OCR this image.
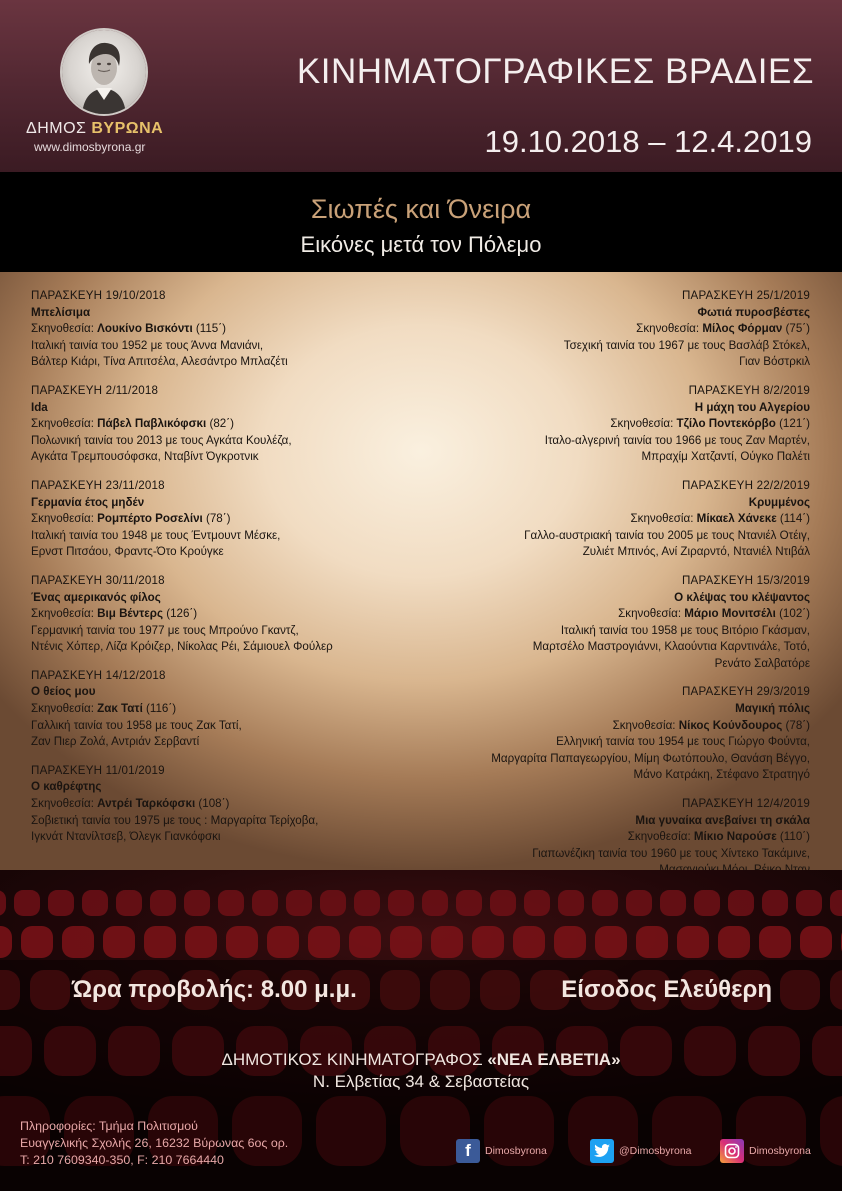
ΔΗΜΟΣ ΒΥΡΩΝΑ
www.dimosbyrona.gr
ΚΙΝΗΜΑΤΟΓΡΑΦΙΚΕΣ ΒΡΑΔΙΕΣ
19.10.2018 – 12.4.2019
Σιωπές και Όνειρα
Εικόνες μετά τον Πόλεμο
ΠΑΡΑΣΚΕΥΗ 19/10/2018
Μπελίσιμα
Σκηνοθεσία: Λουκίνο Βισκόντι (115΄)
Ιταλική ταινία του 1952 με τους Άννα Μανιάνι,
Βάλτερ Κιάρι, Τίνα Απιτσέλα, Αλεσάντρο Μπλαζέτι
ΠΑΡΑΣΚΕΥΗ 2/11/2018
Ida
Σκηνοθεσία: Πάβελ Παβλικόφσκι (82΄)
Πολωνική ταινία του 2013 με τους Αγκάτα Κουλέζα,
Αγκάτα Τρεμπουσόφσκα, Νταβίντ Όγκροτνικ
ΠΑΡΑΣΚΕΥΗ 23/11/2018
Γερμανία έτος μηδέν
Σκηνοθεσία: Ρομπέρτο Ροσελίνι (78΄)
Ιταλική ταινία του 1948 με τους Έντμουντ Μέσκε,
Ερνστ Πιτσάου, Φραντς-Ότο Κρούγκε
ΠΑΡΑΣΚΕΥΗ 30/11/2018
Ένας αμερικανός φίλος
Σκηνοθεσία: Βιμ Βέντερς (126΄)
Γερμανική ταινία του 1977 με τους Μπρούνο Γκαντζ,
Ντένις Χόπερ, Λίζα Κρόιζερ, Νίκολας Ρέι, Σάμιουελ Φούλερ
ΠΑΡΑΣΚΕΥΗ 14/12/2018
Ο θείος μου
Σκηνοθεσία: Ζακ Τατί (116΄)
Γαλλική ταινία του 1958 με τους Ζακ Τατί,
Ζαν Πιερ Ζολά, Αντριάν Σερβαντί
ΠΑΡΑΣΚΕΥΗ 11/01/2019
Ο καθρέφτης
Σκηνοθεσία: Αντρέι Ταρκόφσκι (108΄)
Σοβιετική ταινία του 1975 με τους : Μαργαρίτα Τερίχοβα,
Ιγκνάτ Ντανίλτσεβ, Όλεγκ Γιανκόφσκι
ΠΑΡΑΣΚΕΥΗ 25/1/2019
Φωτιά πυροσβέστες
Σκηνοθεσία: Μίλος Φόρμαν (75΄)
Τσεχική ταινία του 1967 με τους Βασλάβ Στόκελ,
Γιαν Βόστρκιλ
ΠΑΡΑΣΚΕΥΗ 8/2/2019
Η μάχη του Αλγερίου
Σκηνοθεσία: Τζίλο Ποντεκόρβο (121΄)
Ιταλο-αλγερινή ταινία του 1966 με τους Ζαν Μαρτέν,
Μπραχίμ Χατζαντί, Ούγκο Παλέτι
ΠΑΡΑΣΚΕΥΗ 22/2/2019
Κρυμμένος
Σκηνοθεσία: Μίκαελ Χάνεκε (114΄)
Γαλλο-αυστριακή ταινία του 2005 με τους Ντανιέλ Οτέιγ,
Ζυλιέτ Μπινός, Ανί Ζιραρντό, Ντανιέλ Ντιβάλ
ΠΑΡΑΣΚΕΥΗ 15/3/2019
Ο κλέψας του κλέψαντος
Σκηνοθεσία: Μάριο Μονιτσέλι (102΄)
Ιταλική ταινία του 1958 με τους Βιτόριο Γκάσμαν,
Μαρτσέλο Μαστρογιάννι, Κλαούντια Καρντινάλε, Τοτό,
Ρενάτο Σαλβατόρε
ΠΑΡΑΣΚΕΥΗ 29/3/2019
Μαγική πόλις
Σκηνοθεσία: Νίκος Κούνδουρος (78΄)
Ελληνική ταινία του 1954 με τους Γιώργο Φούντα,
Μαργαρίτα Παπαγεωργίου, Μίμη Φωτόπουλο, Θανάση Βέγγο,
Μάνο Κατράκη, Στέφανο Στρατηγό
ΠΑΡΑΣΚΕΥΗ 12/4/2019
Μια γυναίκα ανεβαίνει τη σκάλα
Σκηνοθεσία: Μίκιο Ναρούσε (110΄)
Γιαπωνέζικη ταινία του 1960 με τους Χίντεκο Τακάμινε,
Ώρα προβολής: 8.00 μ.μ.	Είσοδος Ελεύθερη
ΔΗΜΟΤΙΚΟΣ ΚΙΝΗΜΑΤΟΓΡΑΦΟΣ «ΝΕΑ ΕΛΒΕΤΙΑ»
Ν. Ελβετίας 34 & Σεβαστείας
Πληροφορίες: Τμήμα Πολιτισμού
Ευαγγελικής Σχολής 26, 16232 Βύρωνας 6ος ορ.
T: 210 7609340-350, F: 210 7664440	f	Dimosbyrona	@Dimosbyrona	Dimosbyrona
